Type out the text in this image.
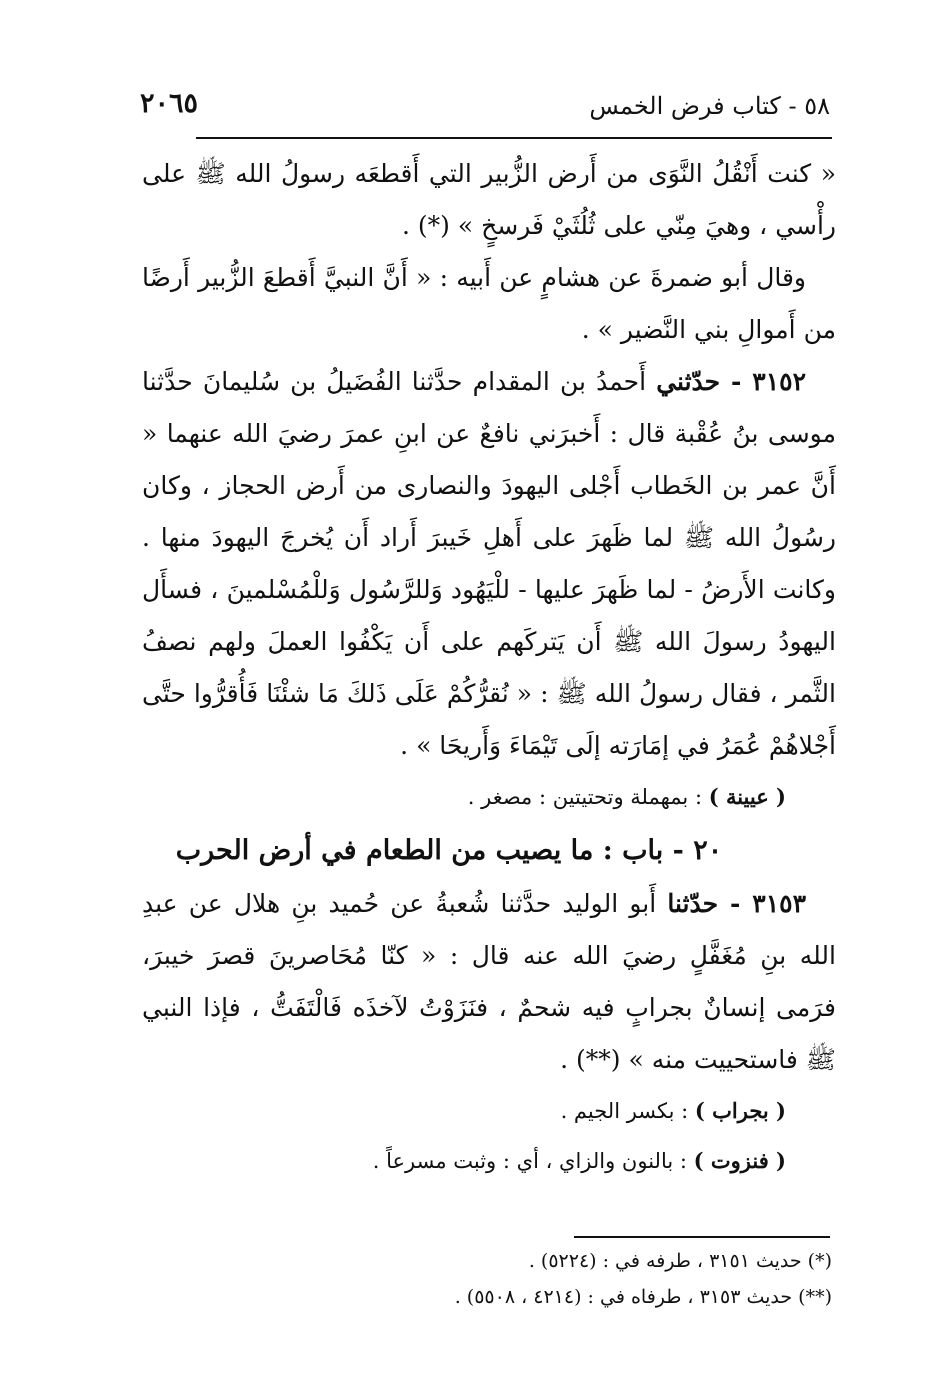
٥٨ - كتاب فرض الخمس
٢٠٦٥

« كنت أَنْقُلُ النَّوَى من أَرض الزُّبير التي أَقطعَه رسولُ الله ﷺ على رأْسي ، وهيَ مِنّي على ثُلُثَيْ فَرسخٍ » (*) .

وقال أبو ضمرةَ عن هشامٍ عن أَبيه : « أَنَّ النبيَّ أَقطعَ الزُّبير أَرضًا من أَموالِ بني النَّضير » .

٣١٥٢ - حدّثني أَحمدُ بن المقدام حدَّثنا الفُضَيلُ بن سُليمانَ حدَّثنا موسى بنُ عُقْبة قال : أَخبرَني نافعٌ عن ابنِ عمرَ رضيَ الله عنهما « أَنَّ عمر بن الخَطاب أَجْلى اليهودَ والنصارى من أَرض الحجاز ، وكان رسُولُ الله ﷺ لما ظَهرَ على أَهلِ خَيبرَ أَراد أَن يُخرجَ اليهودَ منها . وكانت الأَرضُ - لما ظَهرَ عليها - للْيَهُود وَللرَّسُول وَللْمُسْلمينَ ، فسأَل اليهودُ رسولَ الله ﷺ أَن يَتركَهم على أَن يَكْفُوا العملَ ولهم نصفُ الثَّمر ، فقال رسولُ الله ﷺ : « نُقرُّكُمْ عَلَى ذَلكَ مَا شئْنَا فَأُقرُّوا حتَّى أَجْلاهُمْ عُمَرُ في إمَارَته إلَى تَيْمَاءَ وَأَريحَا » .

( عيينة ) : بمهملة وتحتيتين : مصغر .

٢٠ - باب : ما يصيب من الطعام في أرض الحرب

٣١٥٣ - حدّثنا أَبو الوليد حدَّثنا شُعبةُ عن حُميد بنِ هلال عن عبدِ الله بنِ مُغَفَّلٍ رضيَ الله عنه قال : « كنّا مُحَاصرينَ قصرَ خيبرَ، فرَمى إنسانٌ بجرابٍ فيه شحمٌ ، فنَزَوْتُ لآخذَه فَالْتَفَتُّ ، فإذا النبي ﷺ فاستحييت منه » (**) .

( بجراب ) : بكسر الجيم .

( فنزوت ) : بالنون والزاي ، أي : وثبت مسرعاً .

(*) حديث ٣١٥١ ، طرفه في : (٥٢٢٤) .

(**) حديث ٣١٥٣ ، طرفاه في : (٤٢١٤ ، ٥٥٠٨) .
